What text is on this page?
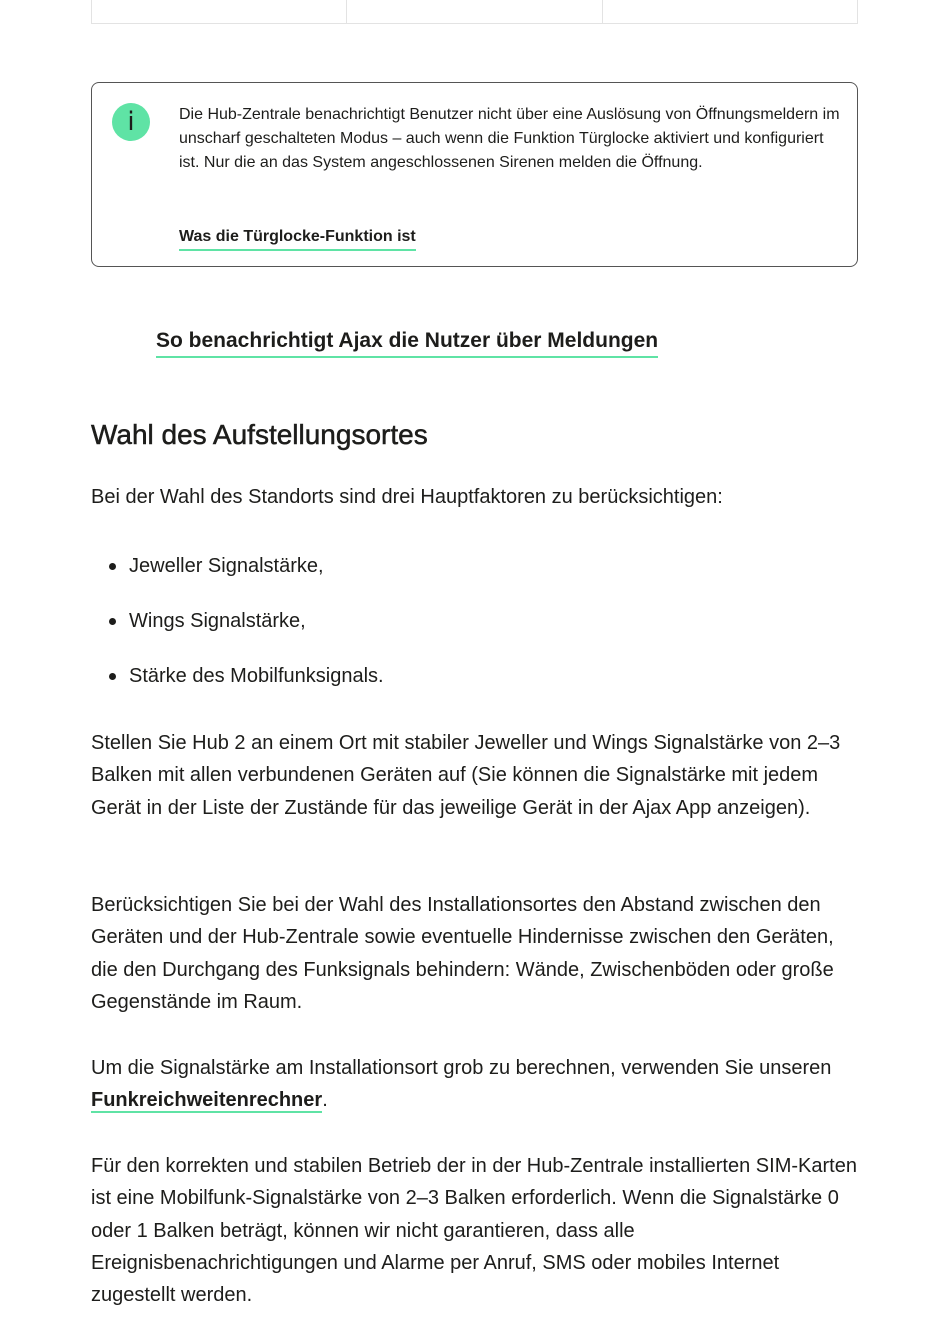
i	Die Hub-Zentrale benachrichtigt Benutzer nicht über eine Auslösung von Öffnungsmeldern im unscharf geschalteten Modus – auch wenn die Funktion Türglocke aktiviert und konfiguriert ist. Nur die an das System angeschlossenen Sirenen melden die Öffnung.

Was die Türglocke-Funktion ist
So benachrichtigt Ajax die Nutzer über Meldungen
Wahl des Aufstellungsortes

Bei der Wahl des Standorts sind drei Hauptfaktoren zu berücksichtigen:

Jeweller Signalstärke,
Wings Signalstärke,
Stärke des Mobilfunksignals.

Stellen Sie Hub 2 an einem Ort mit stabiler Jeweller und Wings Signalstärke von 2–3 Balken mit allen verbundenen Geräten auf (Sie können die Signalstärke mit jedem Gerät in der Liste der Zustände für das jeweilige Gerät in der Ajax App anzeigen).

Berücksichtigen Sie bei der Wahl des Installationsortes den Abstand zwischen den Geräten und der Hub-Zentrale sowie eventuelle Hindernisse zwischen den Geräten, die den Durchgang des Funksignals behindern: Wände, Zwischenböden oder große Gegenstände im Raum.

Um die Signalstärke am Installationsort grob zu berechnen, verwenden Sie unseren Funkreichweitenrechner.

Für den korrekten und stabilen Betrieb der in der Hub-Zentrale installierten SIM-Karten ist eine Mobilfunk-Signalstärke von 2–3 Balken erforderlich. Wenn die Signalstärke 0 oder 1 Balken beträgt, können wir nicht garantieren, dass alle Ereignisbenachrichtigungen und Alarme per Anruf, SMS oder mobiles Internet zugestellt werden.
